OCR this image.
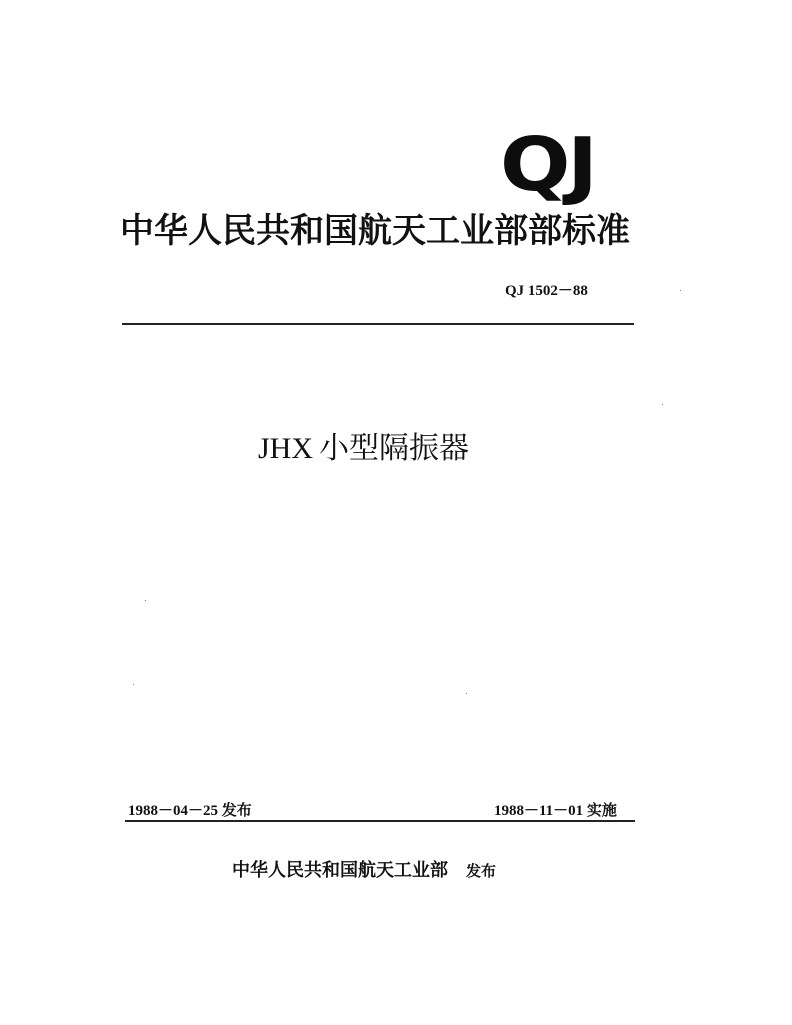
QJ
中华人民共和国航天工业部部标准
QJ 1502－88
JHX 小型隔振器
1988－04－25 发布	1988－11－01 实施
中华人民共和国航天工业部 发布
